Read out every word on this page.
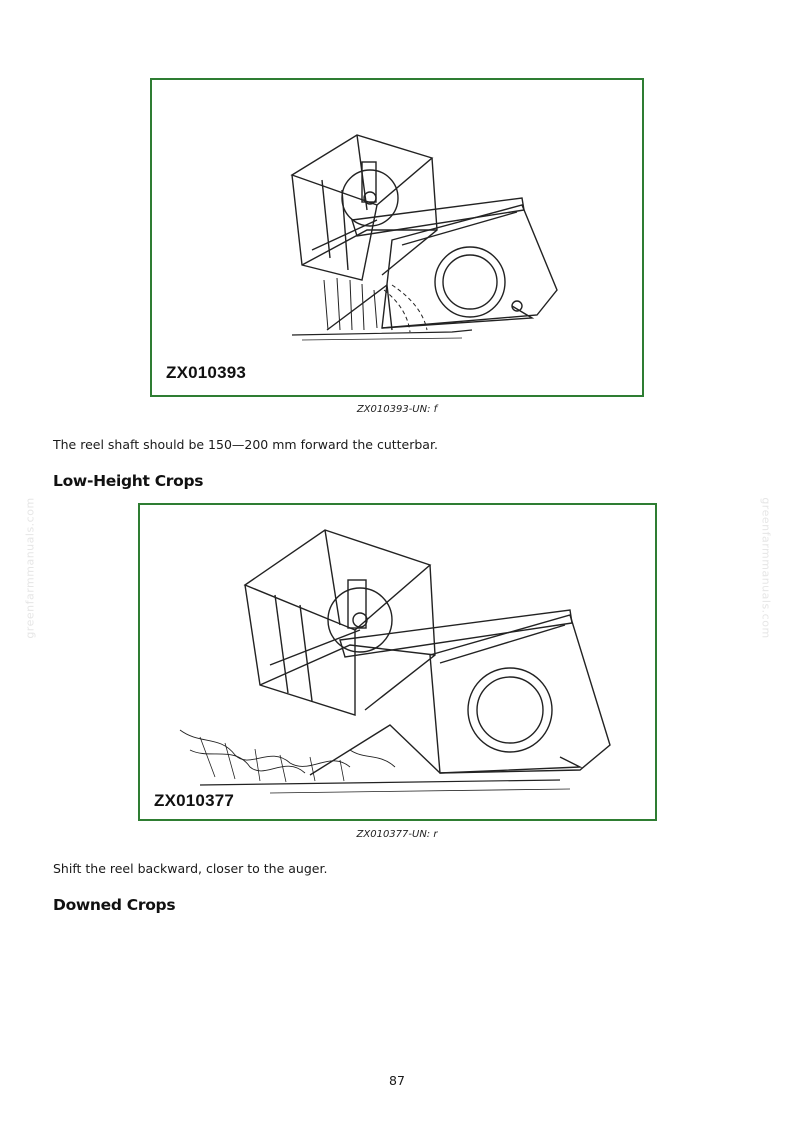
greenfarmmanuals.com	greenfarmmanuals.com
ZX010393
ZX010393-UN: f
The reel shaft should be 150—200 mm forward the cutterbar.
Low-Height Crops
ZX010377
ZX010377-UN: r
Shift the reel backward, closer to the auger.
Downed Crops
87
